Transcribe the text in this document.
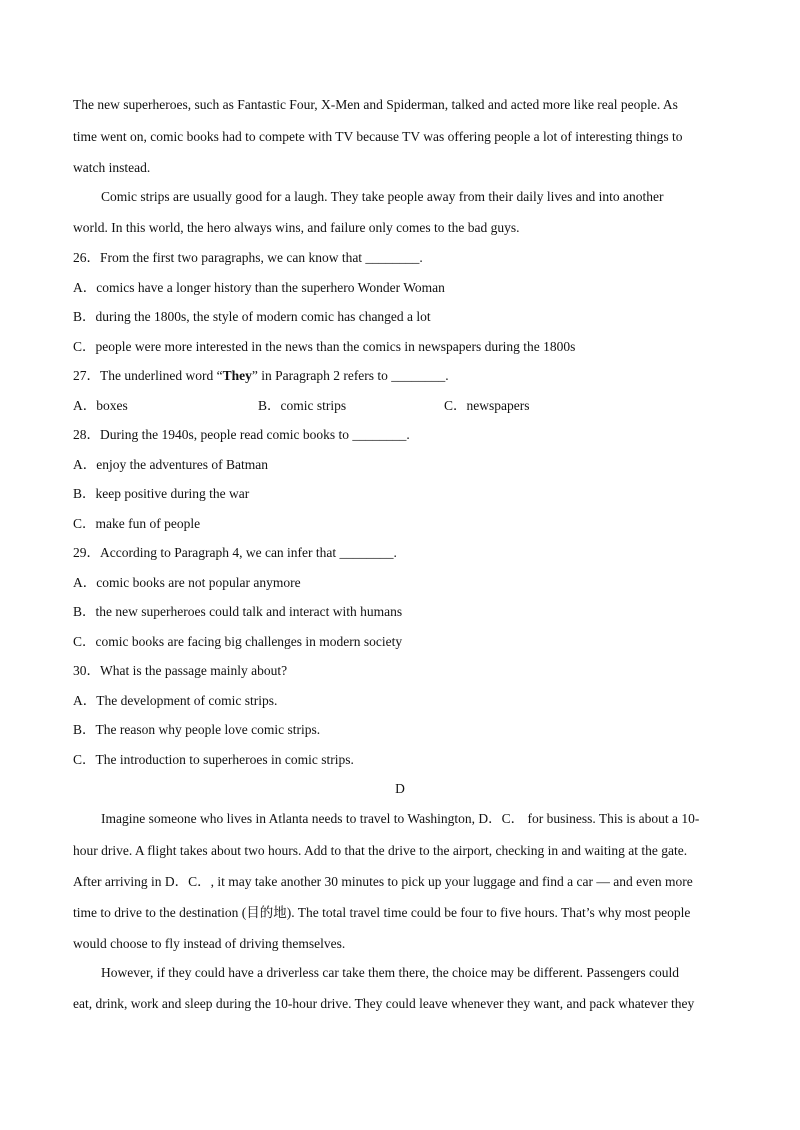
The new superheroes, such as Fantastic Four, X-Men and Spiderman, talked and acted more like real people. As
time went on, comic books had to compete with TV because TV was offering people a lot of interesting things to
watch instead.
Comic strips are usually good for a laugh. They take people away from their daily lives and into another
world. In this world, the hero always wins, and failure only comes to the bad guys.
26．From the first two paragraphs, we can know that ________.
A．comics have a longer history than the superhero Wonder Woman
B．during the 1800s, the style of modern comic has changed a lot
C．people were more interested in the news than the comics in newspapers during the 1800s
27．The underlined word “They” in Paragraph 2 refers to ________.
A．boxes	B．comic strips	C．newspapers
28．During the 1940s, people read comic books to ________.
A．enjoy the adventures of Batman
B．keep positive during the war
C．make fun of people
29．According to Paragraph 4, we can infer that ________.
A．comic books are not popular anymore
B．the new superheroes could talk and interact with humans
C．comic books are facing big challenges in modern society
30．What is the passage mainly about?
A．The development of comic strips.
B．The reason why people love comic strips.
C．The introduction to superheroes in comic strips.
D
Imagine someone who lives in Atlanta needs to travel to Washington, D．C． for business. This is about a 10-
hour drive. A flight takes about two hours. Add to that the drive to the airport, checking in and waiting at the gate.
After arriving in D．C．, it may take another 30 minutes to pick up your luggage and find a car — and even more
time to drive to the destination (目的地). The total travel time could be four to five hours. That’s why most people
would choose to fly instead of driving themselves.
However, if they could have a driverless car take them there, the choice may be different. Passengers could
eat, drink, work and sleep during the 10-hour drive. They could leave whenever they want, and pack whatever they
